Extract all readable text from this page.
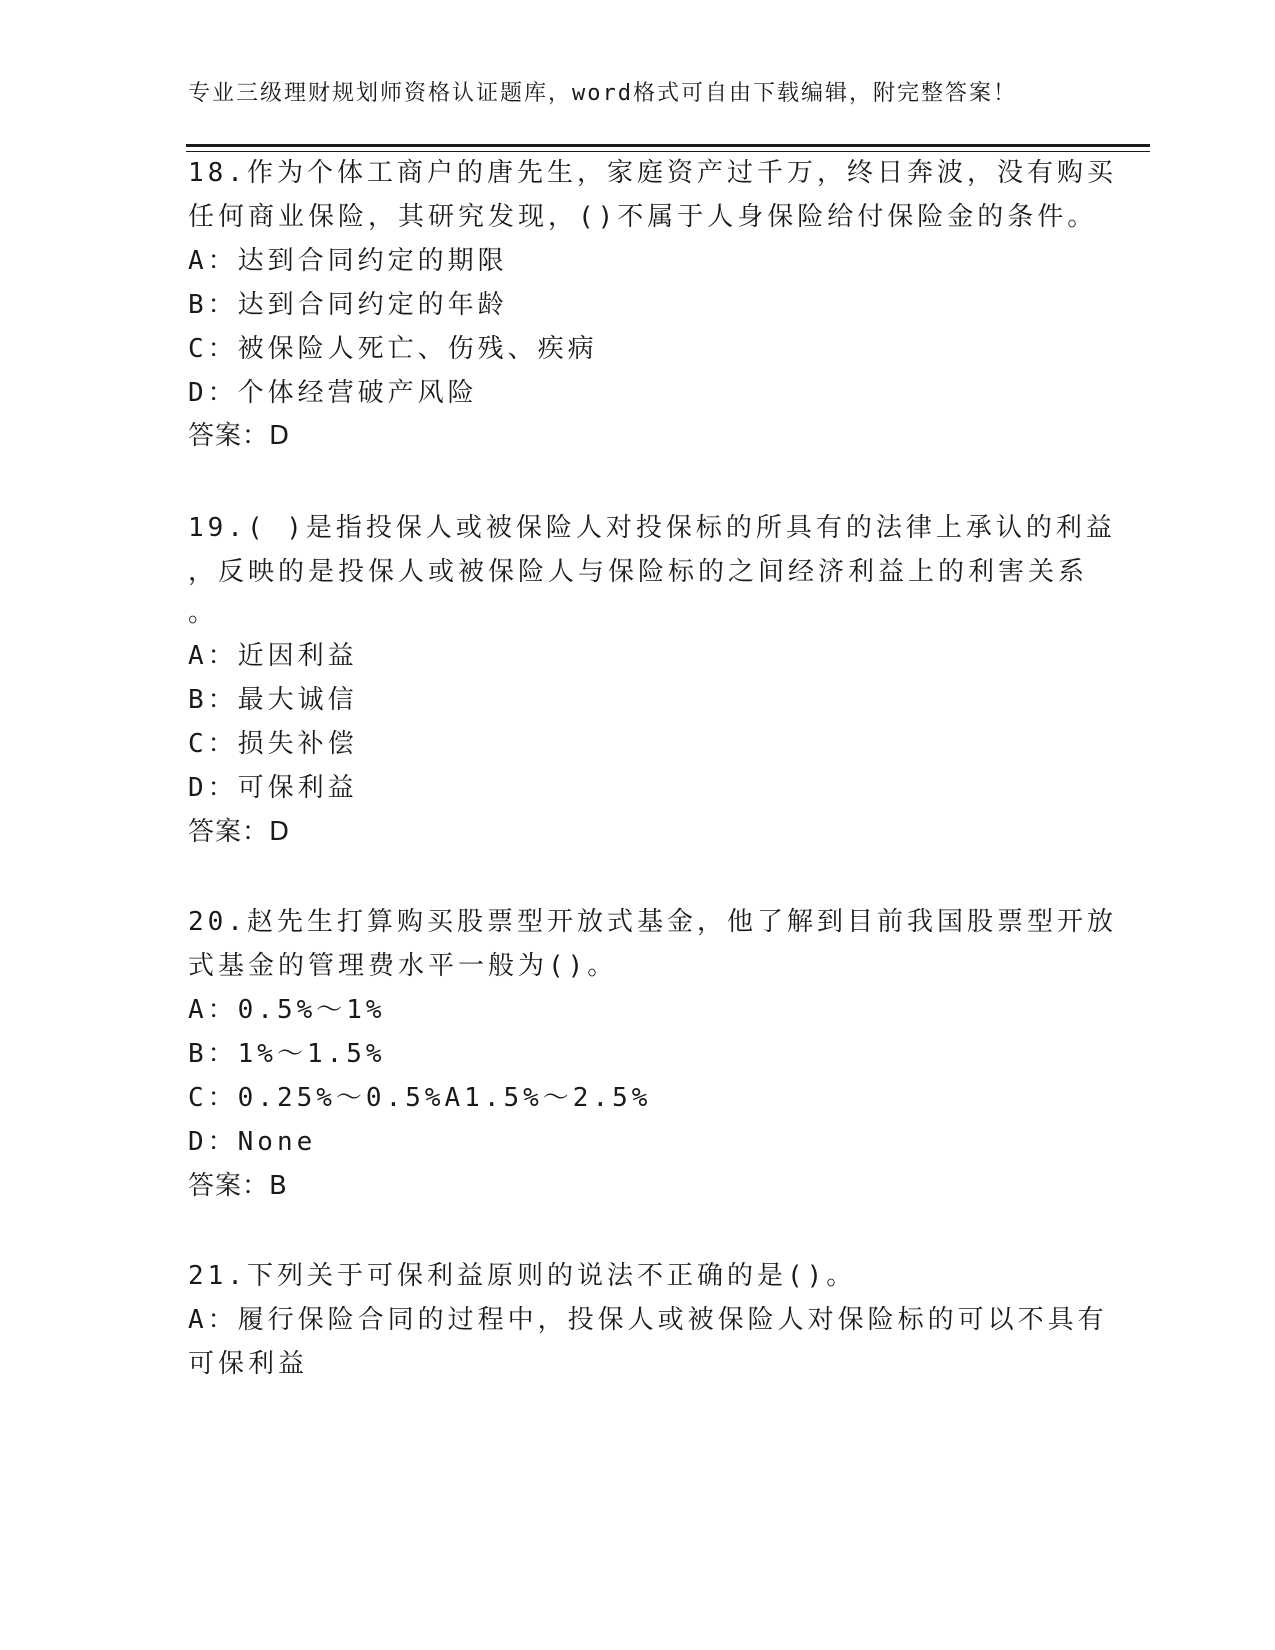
专业三级理财规划师资格认证题库，word格式可自由下载编辑，附完整答案！
18.作为个体工商户的唐先生，家庭资产过千万，终日奔波，没有购买
任何商业保险，其研究发现，()不属于人身保险给付保险金的条件。
A：达到合同约定的期限
B：达到合同约定的年龄
C：被保险人死亡、伤残、疾病
D：个体经营破产风险
答案：D
19.( )是指投保人或被保险人对投保标的所具有的法律上承认的利益
，反映的是投保人或被保险人与保险标的之间经济利益上的利害关系
。
A：近因利益
B：最大诚信
C：损失补偿
D：可保利益
答案：D
20.赵先生打算购买股票型开放式基金，他了解到目前我国股票型开放
式基金的管理费水平一般为()。
A：0.5%～1%
B：1%～1.5%
C：0.25%～0.5%A1.5%～2.5%
D：None
答案：B
21.下列关于可保利益原则的说法不正确的是()。
A：履行保险合同的过程中，投保人或被保险人对保险标的可以不具有
可保利益
